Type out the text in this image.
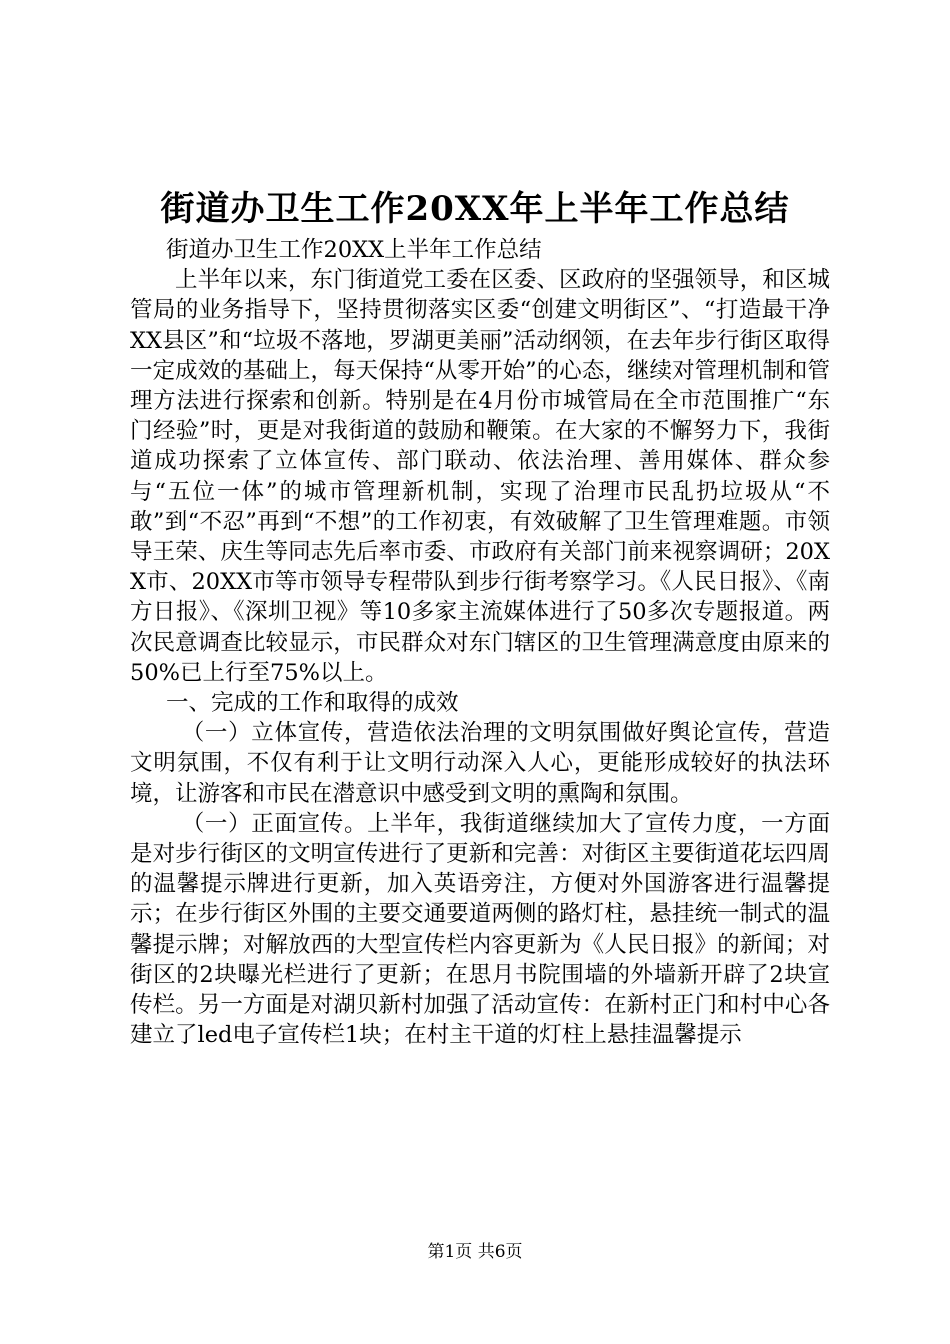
街道办卫生工作20XX年上半年工作总结

街道办卫生工作20XX上半年工作总结

上半年以来，东门街道党工委在区委、区政府的坚强领导，和区城管局的业务指导下，坚持贯彻落实区委“创建文明街区”、“打造最干净XX县区”和“垃圾不落地，罗湖更美丽”活动纲领，在去年步行街区取得一定成效的基础上，每天保持“从零开始”的心态，继续对管理机制和管理方法进行探索和创新。特别是在4月份市城管局在全市范围推广“东门经验”时，更是对我街道的鼓励和鞭策。在大家的不懈努力下，我街道成功探索了立体宣传、部门联动、依法治理、善用媒体、群众参与“五位一体”的城市管理新机制，实现了治理市民乱扔垃圾从“不敢”到“不忍”再到“不想”的工作初衷，有效破解了卫生管理难题。市领导王荣、庆生等同志先后率市委、市政府有关部门前来视察调研；20XX市、20XX市等市领导专程带队到步行街考察学习。《人民日报》、《南方日报》、《深圳卫视》等10多家主流媒体进行了50多次专题报道。两次民意调查比较显示，市民群众对东门辖区的卫生管理满意度由原来的50%已上行至75%以上。

一、完成的工作和取得的成效

（一）立体宣传，营造依法治理的文明氛围做好舆论宣传，营造文明氛围，不仅有利于让文明行动深入人心，更能形成较好的执法环境，让游客和市民在潜意识中感受到文明的熏陶和氛围。

（一）正面宣传。上半年，我街道继续加大了宣传力度，一方面是对步行街区的文明宣传进行了更新和完善：对街区主要街道花坛四周的温馨提示牌进行更新，加入英语旁注，方便对外国游客进行温馨提示；在步行街区外围的主要交通要道两侧的路灯柱，悬挂统一制式的温馨提示牌；对解放西的大型宣传栏内容更新为《人民日报》的新闻；对街区的2块曝光栏进行了更新；在思月书院围墙的外墙新开辟了2块宣传栏。另一方面是对湖贝新村加强了活动宣传：在新村正门和村中心各建立了led电子宣传栏1块；在村主干道的灯柱上悬挂温馨提示

第1页 共6页
